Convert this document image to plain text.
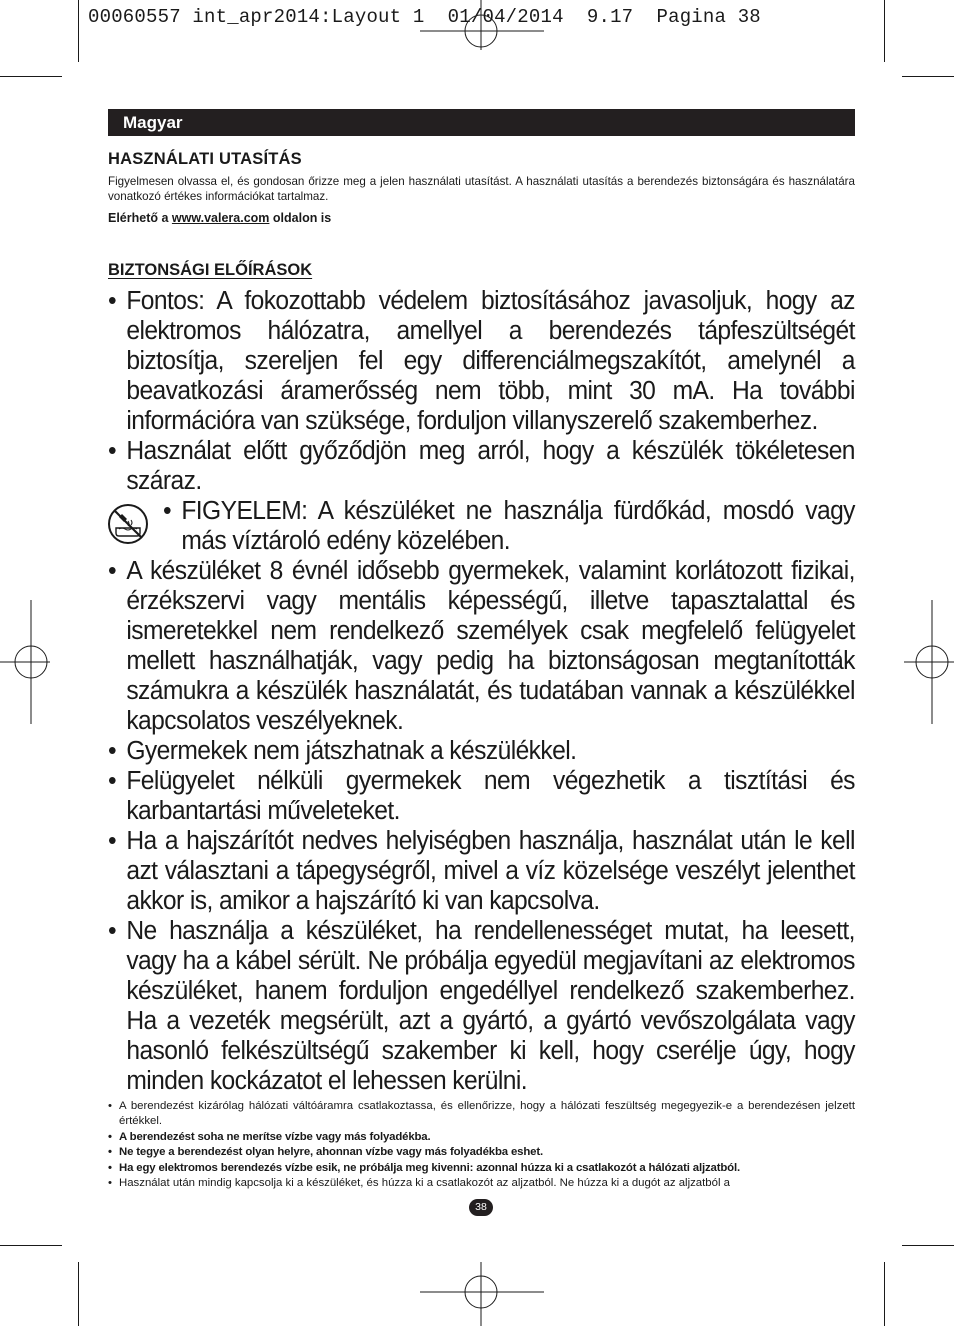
00060557 int_apr2014:Layout 1  01/04/2014  9.17  Pagina 38
Magyar
HASZNÁLATI UTASÍTÁS
Figyelmesen olvassa el, és gondosan őrizze meg a jelen használati utasítást. A használati utasítás a berendezés biztonságára és használatára vonatkozó értékes információkat tartalmaz.
Elérhető a www.valera.com oldalon is
BIZTONSÁGI ELŐÍRÁSOK
• Fontos: A fokozottabb védelem biztosításához javasoljuk, hogy az elektromos hálózatra, amellyel a berendezés tápfeszültségét biztosítja, szereljen fel egy differenciálmegszakítót, amelynél a beavatkozási áramerősség nem több, mint 30 mA. Ha további információra van szüksége, forduljon villanyszerelő szakemberhez.
• Használat előtt győződjön meg arról, hogy a készülék tökéletesen száraz.
• FIGYELEM: A készüléket ne használja fürdőkád, mosdó vagy más víztároló edény közelében.
• A készüléket 8 évnél idősebb gyermekek, valamint korlátozott fizikai, érzékszervi vagy mentális képességű, illetve tapasztalattal és ismeretekkel nem rendelkező személyek csak megfelelő felügyelet mellett használhatják, vagy pedig ha biztonságosan megtanították számukra a készülék használatát, és tudatában vannak a készülékkel kapcsolatos veszélyeknek.
• Gyermekek nem játszhatnak a készülékkel.
• Felügyelet nélküli gyermekek nem végezhetik a tisztítási és karbantartási műveleteket.
• Ha a hajszárítót nedves helyiségben használja, használat után le kell azt választani a tápegységről, mivel a víz közelsége veszélyt jelenthet akkor is, amikor a hajszárító ki van kapcsolva.
• Ne használja a készüléket, ha rendellenességet mutat, ha leesett, vagy ha a kábel sérült. Ne próbálja egyedül megjavítani az elektromos készüléket, hanem forduljon engedéllyel rendelkező szakemberhez. Ha a vezeték megsérült, azt a gyártó, a gyártó vevőszolgálata vagy hasonló felkészültségű szakember ki kell, hogy cserélje úgy, hogy minden kockázatot el lehessen kerülni.
• A berendezést kizárólag hálózati váltóáramra csatlakoztassa, és ellenőrizze, hogy a hálózati feszültség megegyezik-e a berendezésen jelzett értékkel.
• A berendezést soha ne merítse vízbe vagy más folyadékba.
• Ne tegye a berendezést olyan helyre, ahonnan vízbe vagy más folyadékba eshet.
• Ha egy elektromos berendezés vízbe esik, ne próbálja meg kivenni: azonnal húzza ki a csatlakozót a hálózati aljzatból.
• Használat után mindig kapcsolja ki a készüléket, és húzza ki a csatlakozót az aljzatból. Ne húzza ki a dugót az aljzatból a
38
